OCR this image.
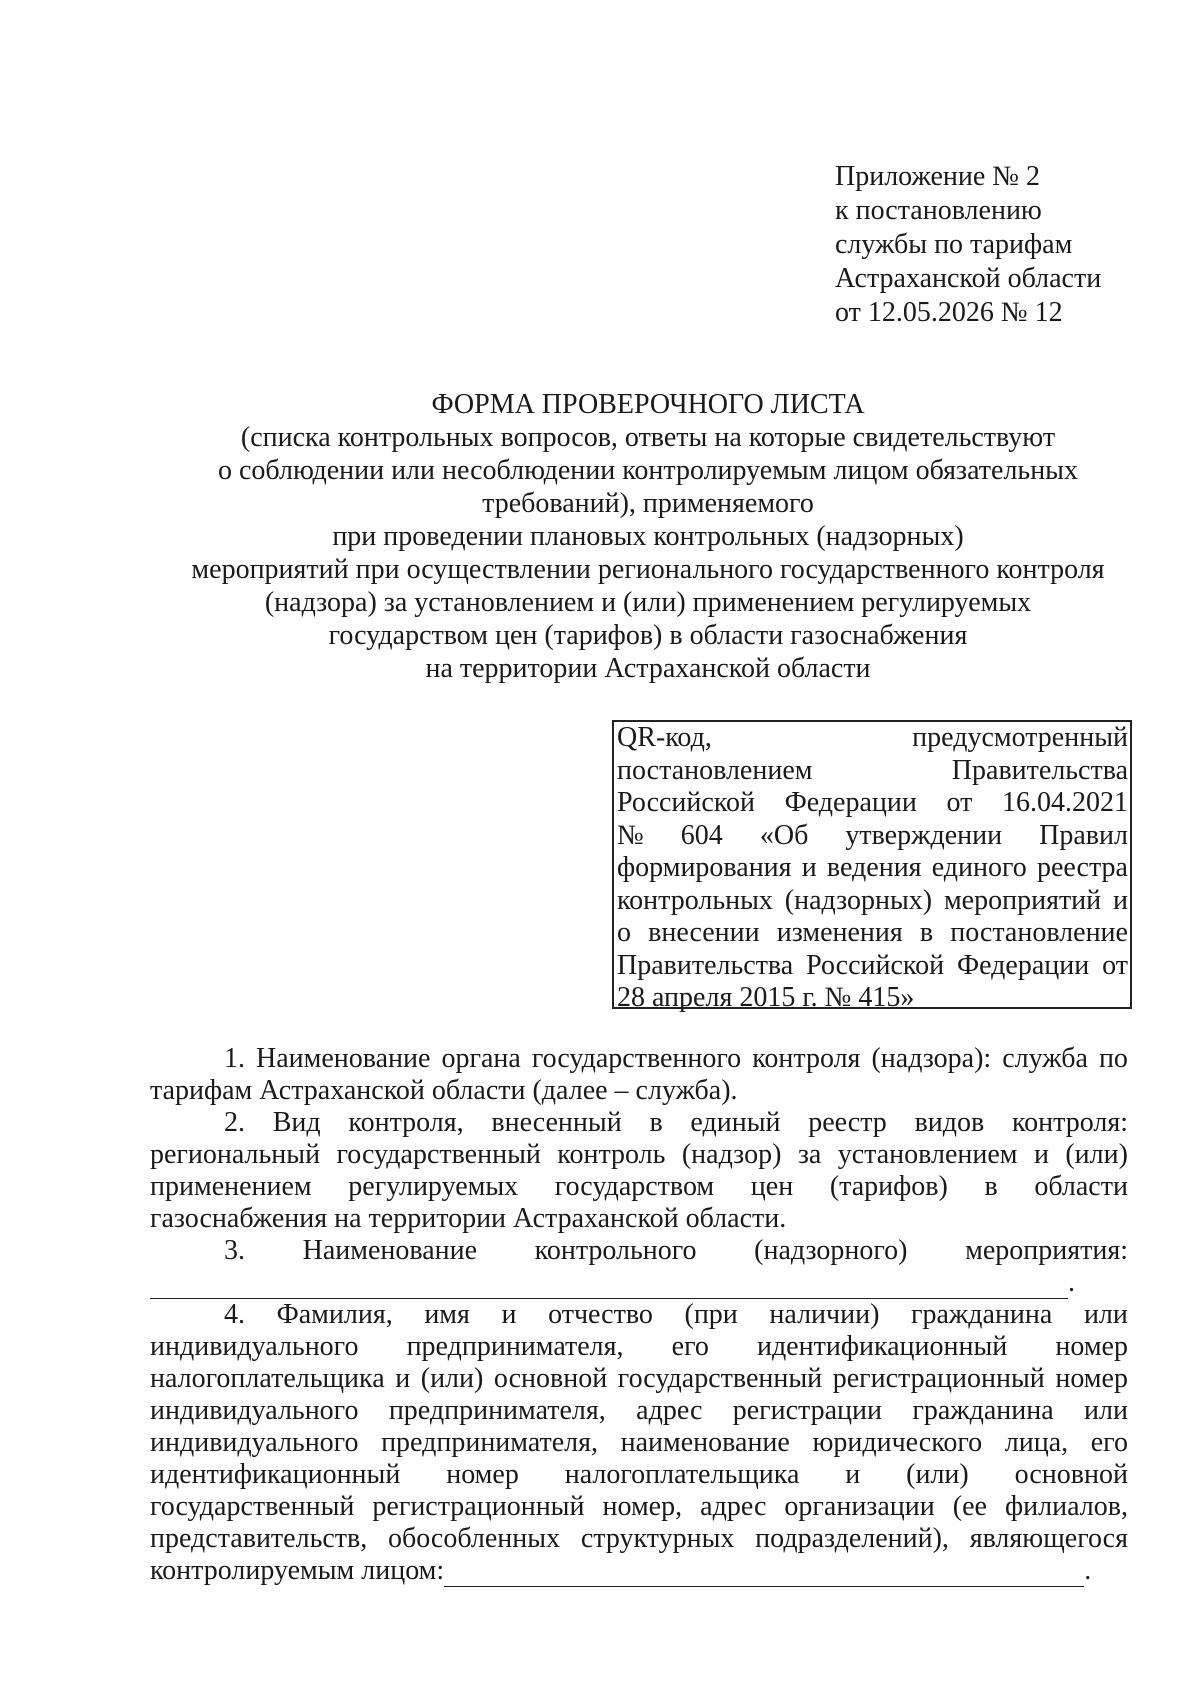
Приложение № 2
к постановлению
службы по тарифам
Астраханской области
от 12.05.2026 № 12
ФОРМА ПРОВЕРОЧНОГО ЛИСТА
(списка контрольных вопросов, ответы на которые свидетельствуют
о соблюдении или несоблюдении контролируемым лицом обязательных
требований), применяемого
при проведении плановых контрольных (надзорных)
мероприятий при осуществлении регионального государственного контроля
(надзора) за установлением и (или) применением регулируемых
государством цен (тарифов) в области газоснабжения
на территории Астраханской области
QR-код,	предусмотренный
постановлением	Правительства
Российской Федерации от 16.04.2021
№ 604 «Об утверждении Правил
формирования и ведения единого реестра
контрольных (надзорных) мероприятий и
о внесении изменения в постановление
Правительства Российской Федерации от
28 апреля 2015 г. № 415»
1. Наименование органа государственного контроля (надзора): служба по
тарифам Астраханской области (далее – служба).
2. Вид контроля, внесенный в единый реестр видов контроля:
региональный государственный контроль (надзор) за установлением и (или)
применением регулируемых государством цен (тарифов) в области
газоснабжения на территории Астраханской области.
3. Наименование контрольного (надзорного) мероприятия:
.
4. Фамилия, имя и отчество (при наличии) гражданина или
индивидуального предпринимателя, его идентификационный номер
налогоплательщика и (или) основной государственный регистрационный номер
индивидуального предпринимателя, адрес регистрации гражданина или
индивидуального предпринимателя, наименование юридического лица, его
идентификационный номер налогоплательщика и (или) основной
государственный регистрационный номер, адрес организации (ее филиалов,
представительств, обособленных структурных подразделений), являющегося
контролируемым лицом:	.
